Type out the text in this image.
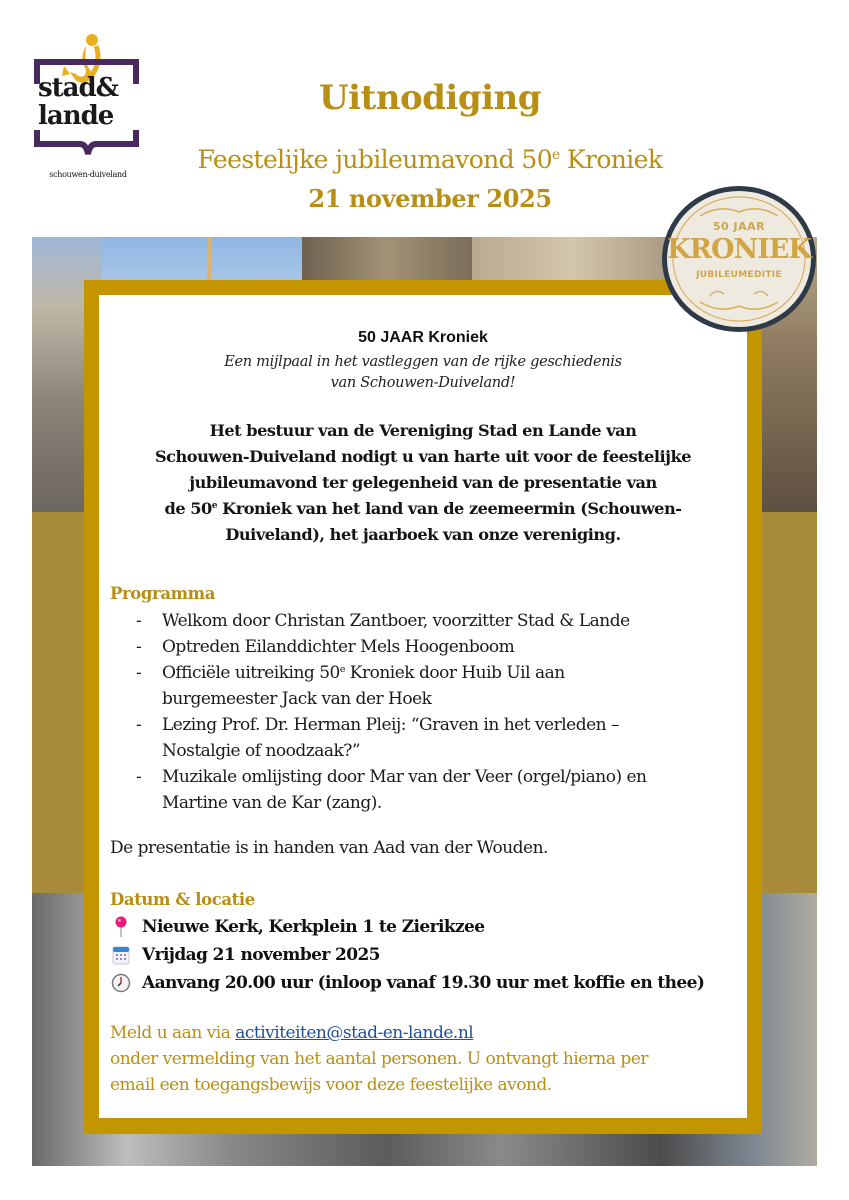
stad&
lande
schouwen-duiveland
Uitnodiging
Feestelijke jubileumavond 50e Kroniek
21 november 2025
50 JAAR Kroniek
Een mijlpaal in het vastleggen van de rijke geschiedenis
van Schouwen-Duiveland!
Het bestuur van de Vereniging Stad en Lande van
Schouwen-Duiveland nodigt u van harte uit voor de feestelijke
jubileumavond ter gelegenheid van de presentatie van
de 50e Kroniek van het land van de zeemeermin (Schouwen-
Duiveland), het jaarboek van onze vereniging.
Programma
- Welkom door Christan Zantboer, voorzitter Stad & Lande
- Optreden Eilanddichter Mels Hoogenboom
- Officiële uitreiking 50e Kroniek door Huib Uil aan
burgemeester Jack van der Hoek
- Lezing Prof. Dr. Herman Pleij: “Graven in het verleden –
Nostalgie of noodzaak?”
- Muzikale omlijsting door Mar van der Veer (orgel/piano) en
Martine van de Kar (zang).
De presentatie is in handen van Aad van der Wouden.
Datum & locatie
Nieuwe Kerk, Kerkplein 1 te Zierikzee
Vrijdag 21 november 2025
Aanvang 20.00 uur (inloop vanaf 19.30 uur met koffie en thee)
Meld u aan via activiteiten@stad-en-lande.nl
onder vermelding van het aantal personen. U ontvangt hierna per
email een toegangsbewijs voor deze feestelijke avond.
50 JAAR
KRONIEK
JUBILEUMEDITIE
